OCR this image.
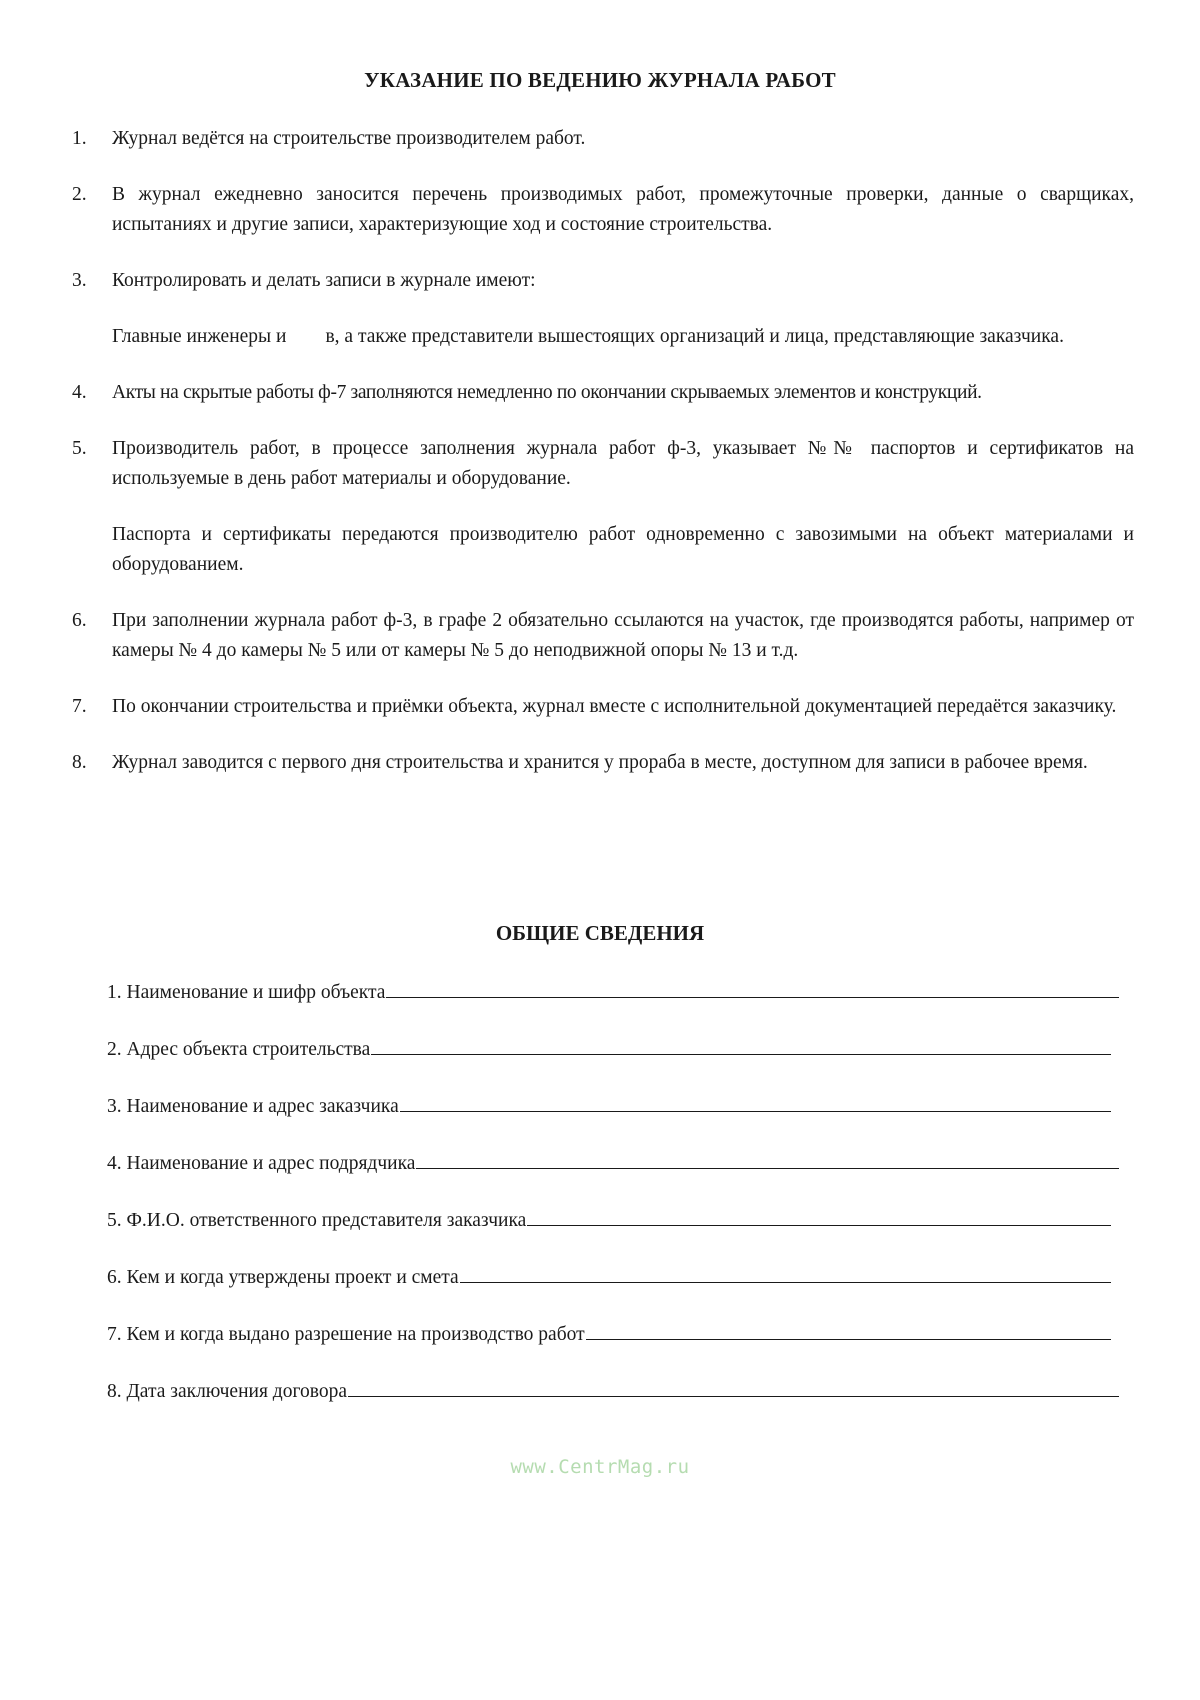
УКАЗАНИЕ ПО ВЕДЕНИЮ ЖУРНАЛА РАБОТ
1. Журнал ведётся на строительстве производителем работ.

2. В журнал ежедневно заносится перечень производимых работ, промежуточные проверки, данные о сварщиках, испытаниях и другие записи, характеризующие ход и состояние строительства.

3. Контролировать и делать записи в журнале имеют:

Главные инженеры и        в, а также представители вышестоящих организаций и лица, представляющие заказчика.

4. Акты на скрытые работы ф-7 заполняются немедленно по окончании скрываемых элементов и конструкций.

5. Производитель работ, в процессе заполнения журнала работ ф-3, указывает №№ паспортов и сертификатов на используемые в день работ материалы и оборудование.

Паспорта и сертификаты передаются производителю работ одновременно с завозимыми на объект материалами и оборудованием.

6. При заполнении журнала работ ф-3, в графе 2 обязательно ссылаются на участок, где производятся работы, например от камеры № 4 до камеры № 5 или от камеры № 5 до неподвижной опоры № 13 и т.д.

7. По окончании строительства и приёмки объекта, журнал вместе с исполнительной документацией передаётся заказчику.

8. Журнал заводится с первого дня строительства и хранится у прораба в месте, доступном для записи в рабочее время.

ОБЩИЕ СВЕДЕНИЯ
1. Наименование и шифр объекта
2. Адрес объекта строительства
3. Наименование и адрес заказчика
4. Наименование и адрес подрядчика
5. Ф.И.О. ответственного представителя заказчика
6. Кем и когда утверждены проект и смета
7. Кем и когда выдано разрешение на производство работ
8. Дата заключения договора
www.CentrMag.ru
